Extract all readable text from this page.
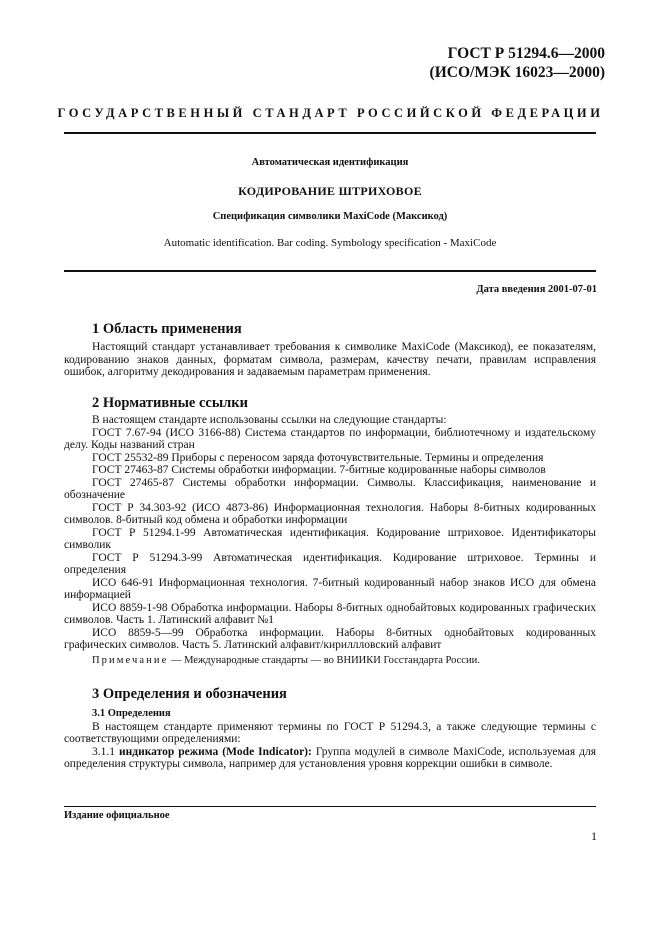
ГОСТ Р 51294.6—2000
(ИСО/МЭК 16023—2000)
ГОСУДАРСТВЕННЫЙ СТАНДАРТ РОССИЙСКОЙ ФЕДЕРАЦИИ
Автоматическая идентификация
КОДИРОВАНИЕ ШТРИХОВОЕ
Спецификация символики MaxiCode (Максикод)
Automatic identification. Bar coding. Symbology specification - MaxiCode
Дата введения 2001-07-01
1 Область применения

Настоящий стандарт устанавливает требования к символике MaxiCode (Максикод), ее показателям, кодированию знаков данных, форматам символа, размерам, качеству печати, правилам исправления ошибок, алгоритму декодирования и задаваемым параметрам применения.

2 Нормативные ссылки

В настоящем стандарте использованы ссылки на следующие стандарты:

ГОСТ 7.67-94 (ИСО 3166-88) Система стандартов по информации, библиотечному и издательскому делу. Коды названий стран

ГОСТ 25532-89 Приборы с переносом заряда фоточувствительные. Термины и определения

ГОСТ 27463-87 Системы обработки информации. 7-битные кодированные наборы символов

ГОСТ 27465-87 Системы обработки информации. Символы. Классификация, наименование и обозначение

ГОСТ Р 34.303-92 (ИСО 4873-86) Информационная технология. Наборы 8-битных кодированных символов. 8-битный код обмена и обработки информации

ГОСТ Р 51294.1-99 Автоматическая идентификация. Кодирование штриховое. Идентификаторы символик

ГОСТ Р 51294.3-99 Автоматическая идентификация. Кодирование штриховое. Термины и определения

ИСО 646-91 Информационная технология. 7-битный кодированный набор знаков ИСО для обмена информацией

ИСО 8859-1-98 Обработка информации. Наборы 8-битных однобайтовых кодированных графических символов. Часть 1. Латинский алфавит №1

ИСО 8859-5—99 Обработка информации. Наборы 8-битных однобайтовых кодированных графических символов. Часть 5. Латинский алфавит/кириллловский алфавит

Примечание — Международные стандарты — во ВНИИКИ Госстандарта России.

3 Определения и обозначения

3.1 Определения

В настоящем стандарте применяют термины по ГОСТ Р 51294.3, а также следующие термины с соответствующими определениями:

3.1.1 индикатор режима (Mode Indicator): Группа модулей в символе MaxiCode, используемая для определения структуры символа, например для установления уровня коррекции ошибки в символе.

Издание официальное
1
